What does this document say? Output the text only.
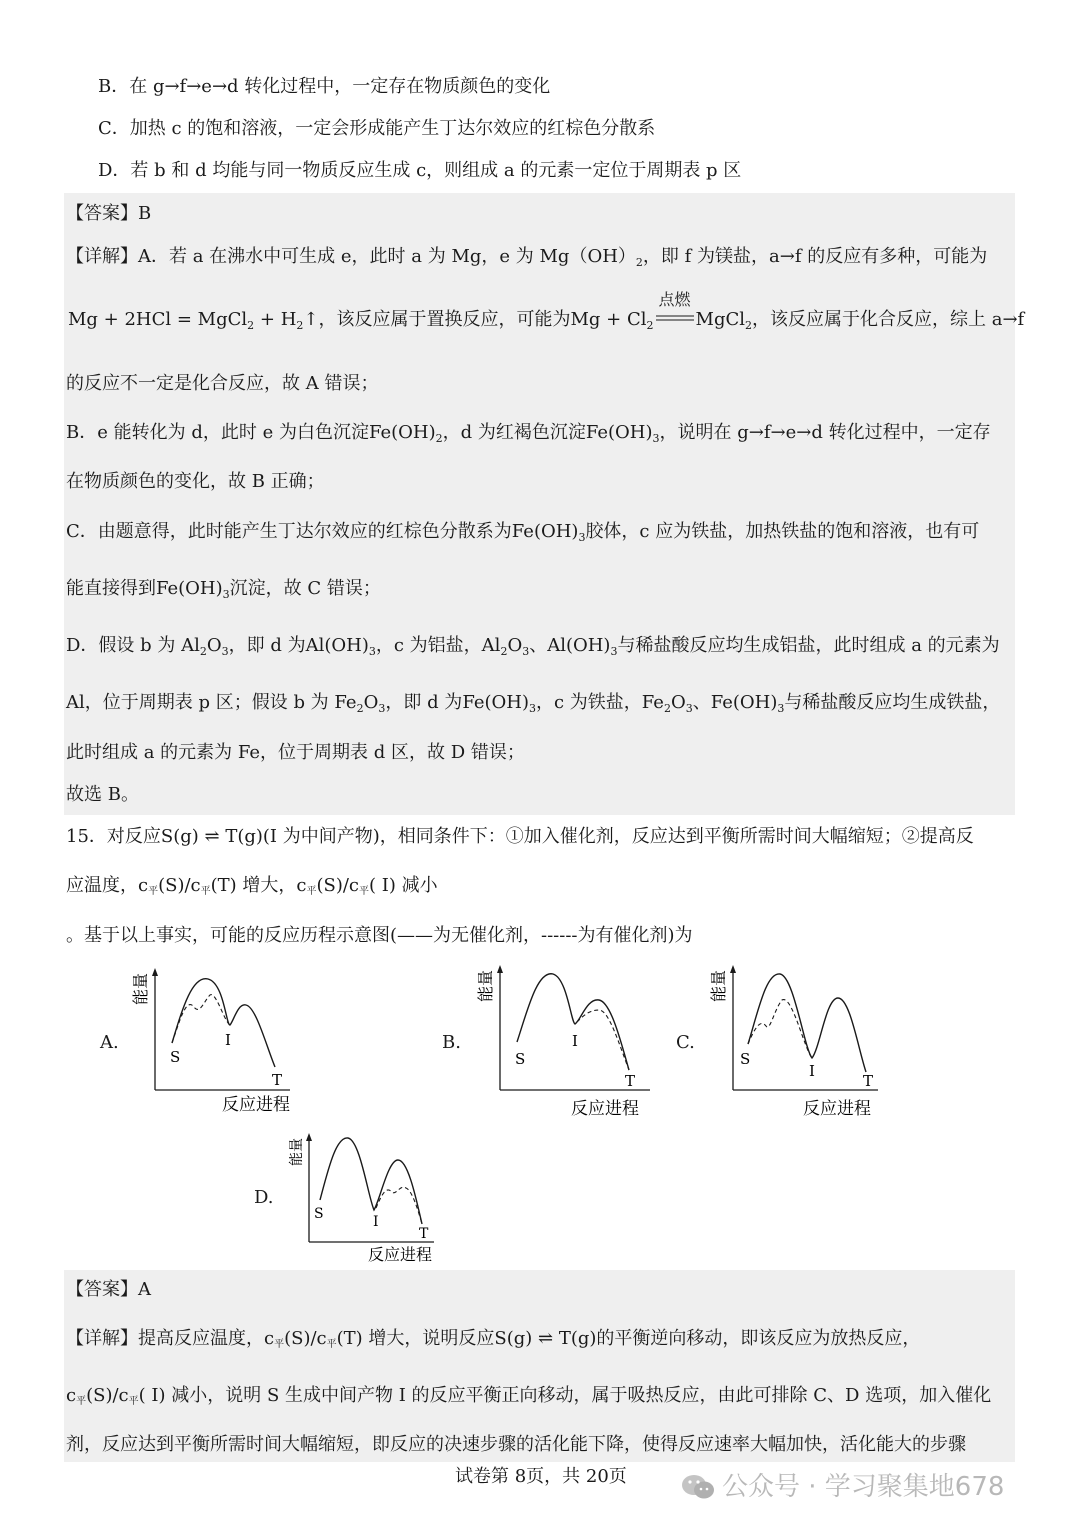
B．在 g→f→e→d 转化过程中，一定存在物质颜色的变化
C．加热 c 的饱和溶液，一定会形成能产生丁达尔效应的红棕色分散系
D．若 b 和 d 均能与同一物质反应生成 c，则组成 a 的元素一定位于周期表 p 区
【答案】B
【详解】A．若 a 在沸水中可生成 e，此时 a 为 Mg，e 为 $Mg(OH)_2$，即 f 为镁盐，a→f 的反应有多种，可能为
Mg + 2HCl = MgCl$_2$ + $H_2↑$，该反应属于置换反应，可能为$Mg + Cl_2$
点燃
MgCl$_2$，该反应属于化合反应，综上 a→f
的反应不一定是化合反应，故 A 错误；
B．e 能转化为 d，此时 e 为白色沉淀$Fe(OH)_2$，d 为红褐色沉淀$Fe(OH)_3$，说明在 g→f→e→d 转化过程中，一定存
在物质颜色的变化，故 B 正确；
C．由题意得，此时能产生丁达尔效应的红棕色分散系为$Fe(OH)_3$胶体，c 应为铁盐，加热铁盐的饱和溶液，也有可
能直接得到$Fe(OH)_3$沉淀，故 C 错误；
D．假设 b 为 $Al_2O_3$，即 d 为$Al(OH)_3$，c 为铝盐，$Al_2O_3$、$Al(OH)_3$与稀盐酸反应均生成铝盐，此时组成 a 的元素为
Al，位于周期表 p 区；假设 b 为 $Fe_2O_3$，即 d 为$Fe(OH)_3$，c 为铁盐，$Fe_2O_3$、$Fe(OH)_3$与稀盐酸反应均生成铁盐，
此时组成 a 的元素为 Fe，位于周期表 d 区，故 D 错误；
故选 B。
15．对反应S(g) ⇌ T(g)(I 为中间产物)，相同条件下：①加入催化剂，反应达到平衡所需时间大幅缩短；②提高反
应温度，$c_平(S)/c_平(T)$ 增大，$c_平(S)/c_平$( I) 减小
。基于以上事实，可能的反应历程示意图(——为无催化剂，------为有催化剂)为
A.	B.	C.
D.
S
I
T
能量
反应进程
S
I
T
能量
反应进程
S
I
T
能量
反应进程
S	I
T
能量
反应进程
【答案】A
【详解】提高反应温度，$c_平(S)/c_平(T)$ 增大，说明反应S(g) ⇌ T(g)的平衡逆向移动，即该反应为放热反应，
$c_平(S)/c_平$( I) 减小，说明 S 生成中间产物 I 的反应平衡正向移动，属于吸热反应，由此可排除 C、D 选项，加入催化
剂，反应达到平衡所需时间大幅缩短，即反应的决速步骤的活化能下降，使得反应速率大幅加快，活化能大的步骤
试卷第 8页，共 20页	公众号 · 学习聚集地678
